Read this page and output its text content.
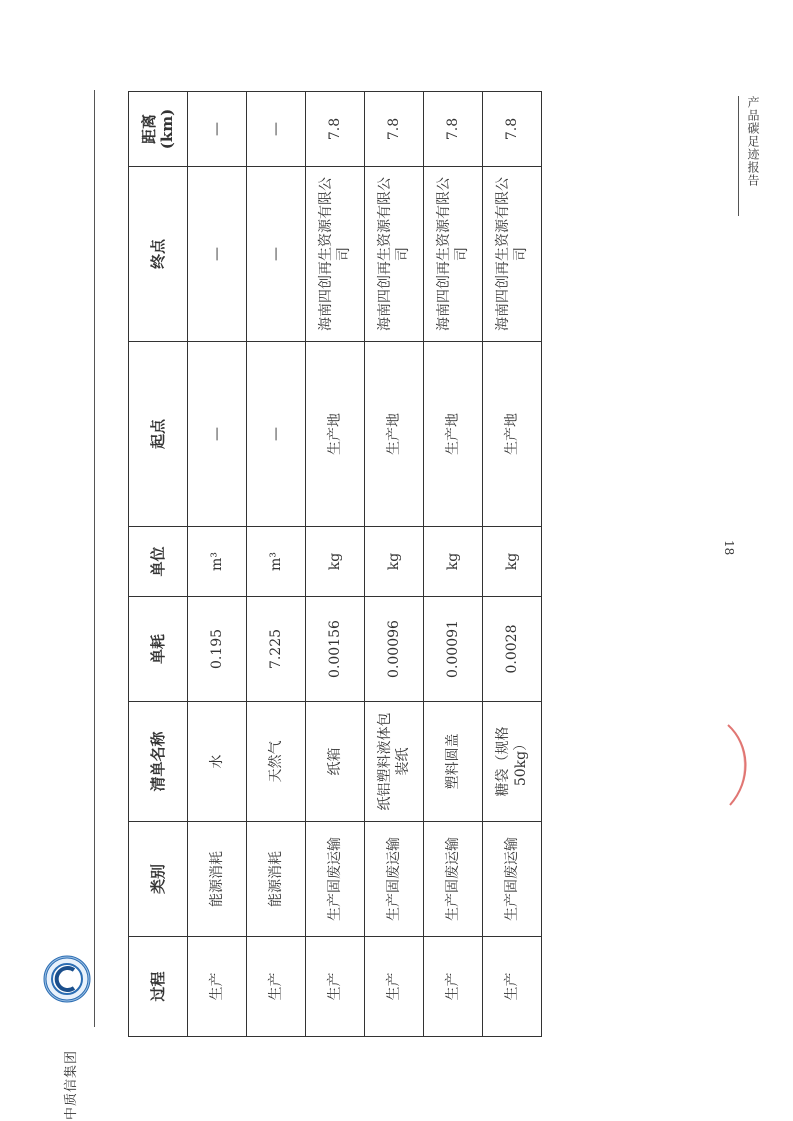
中质信集团
产品碳足迹报告
18
过程	类别	清单名称	单耗	单位	起点	终点	距离(km)
生产	能源消耗	水	0.195	m³	—	—	—
生产	能源消耗	天然气	7.225	m³	—	—	—
生产	生产固废运输	纸箱	0.00156	kg	生产地	海南四创再生资源有限公司	7.8
生产	生产固废运输	纸铝塑料液体包装纸	0.00096	kg	生产地	海南四创再生资源有限公司	7.8
生产	生产固废运输	塑料圆盖	0.00091	kg	生产地	海南四创再生资源有限公司	7.8
生产	生产固废运输	糖袋（规格50kg）	0.0028	kg	生产地	海南四创再生资源有限公司	7.8
